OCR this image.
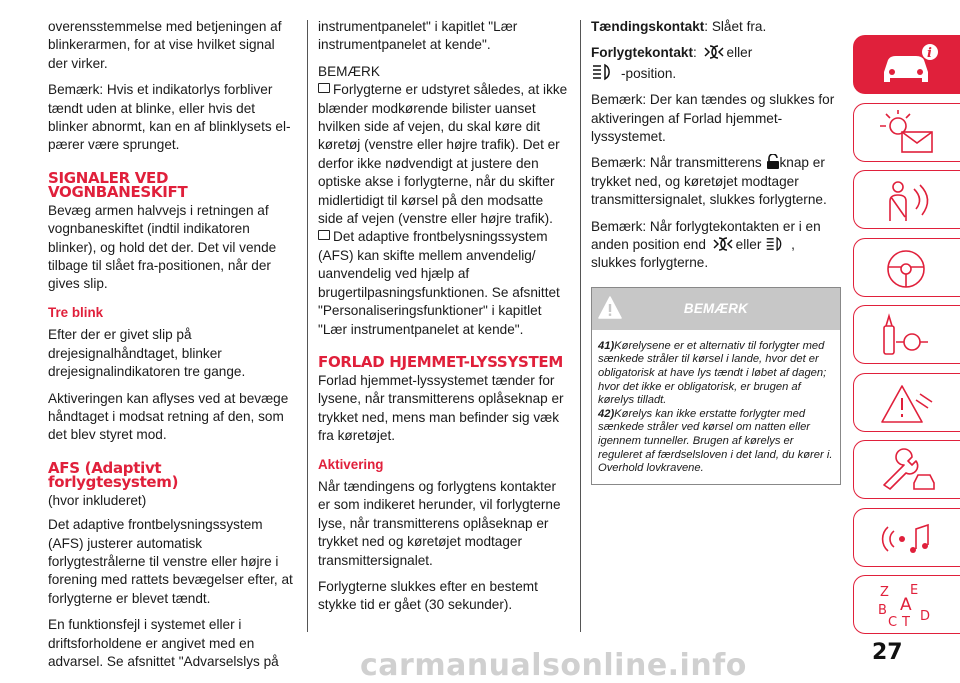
overensstemmelse med betjeningen af blinkerarmen, for at vise hvilket signal der virker.

Bemærk: Hvis et indikatorlys forbliver tændt uden at blinke, eller hvis det blinker abnormt, kan en af blinklysets el-pærer være sprunget.

SIGNALER VED VOGNBANESKIFT

Bevæg armen halvvejs i retningen af vognbaneskiftet (indtil indikatoren blinker), og hold det der. Det vil vende tilbage til slået fra-positionen, når der gives slip.

Tre blink

Efter der er givet slip på drejesignalhåndtaget, blinker drejesignalindikatoren tre gange.

Aktiveringen kan aflyses ved at bevæge håndtaget i modsat retning af den, som det blev styret mod.

AFS (Adaptivt forlygtesystem)

(hvor inkluderet)

Det adaptive frontbelysningssystem (AFS) justerer automatisk forlygtestrålerne til venstre eller højre i forening med rattets bevægelser efter, at forlygterne er blevet tændt.

En funktionsfejl i systemet eller i driftsforholdene er angivet med en advarsel. Se afsnittet "Advarselslys på

instrumentpanelet" i kapitlet "Lær instrumentpanelet at kende".

BEMÆRK

Forlygterne er udstyret således, at ikke blænder modkørende bilister uanset hvilken side af vejen, du skal køre dit køretøj (venstre eller højre trafik). Det er derfor ikke nødvendigt at justere den optiske akse i forlygterne, når du skifter midlertidigt til kørsel på den modsatte side af vejen (venstre eller højre trafik).

Det adaptive frontbelysningssystem (AFS) kan skifte mellem anvendelig/ uanvendelig ved hjælp af brugertilpasningsfunktionen. Se afsnittet "Personaliseringsfunktioner" i kapitlet "Lær instrumentpanelet at kende".

FORLAD HJEMMET-LYSSYSTEM

Forlad hjemmet-lyssystemet tænder for lysene, når transmitterens oplåseknap er trykket ned, mens man befinder sig væk fra køretøjet.

Aktivering

Når tændingens og forlygtens kontakter er som indikeret herunder, vil forlygterne lyse, når transmitterens oplåseknap er trykket ned og køretøjet modtager transmittersignalet.

Forlygterne slukkes efter en bestemt stykke tid er gået (30 sekunder).

Tændingskontakt: Slået fra.

Forlygtekontakt: eller
-position.

Bemærk: Der kan tændes og slukkes for aktiveringen af Forlad hjemmet-lyssystemet.

Bemærk: Når transmitterens knap er trykket ned, og køretøjet modtager transmittersignalet, slukkes forlygterne.

Bemærk: Når forlygtekontakten er i en anden position end eller ,
slukkes forlygterne.

BEMÆRK

41)Kørelysene er et alternativ til forlygter med sænkede stråler til kørsel i lande, hvor det er obligatorisk at have lys tændt i løbet af dagen; hvor det ikke er obligatorisk, er brugen af kørelys tilladt.

42)Kørelys kan ikke erstatte forlygter med sænkede stråler ved kørsel om natten eller igennem tunneller. Brugen af kørelys er reguleret af færdselsloven i det land, du kører i. Overhold lovkravene.

i
Z E
A
B
C T D
27
carmanualsonline.info
